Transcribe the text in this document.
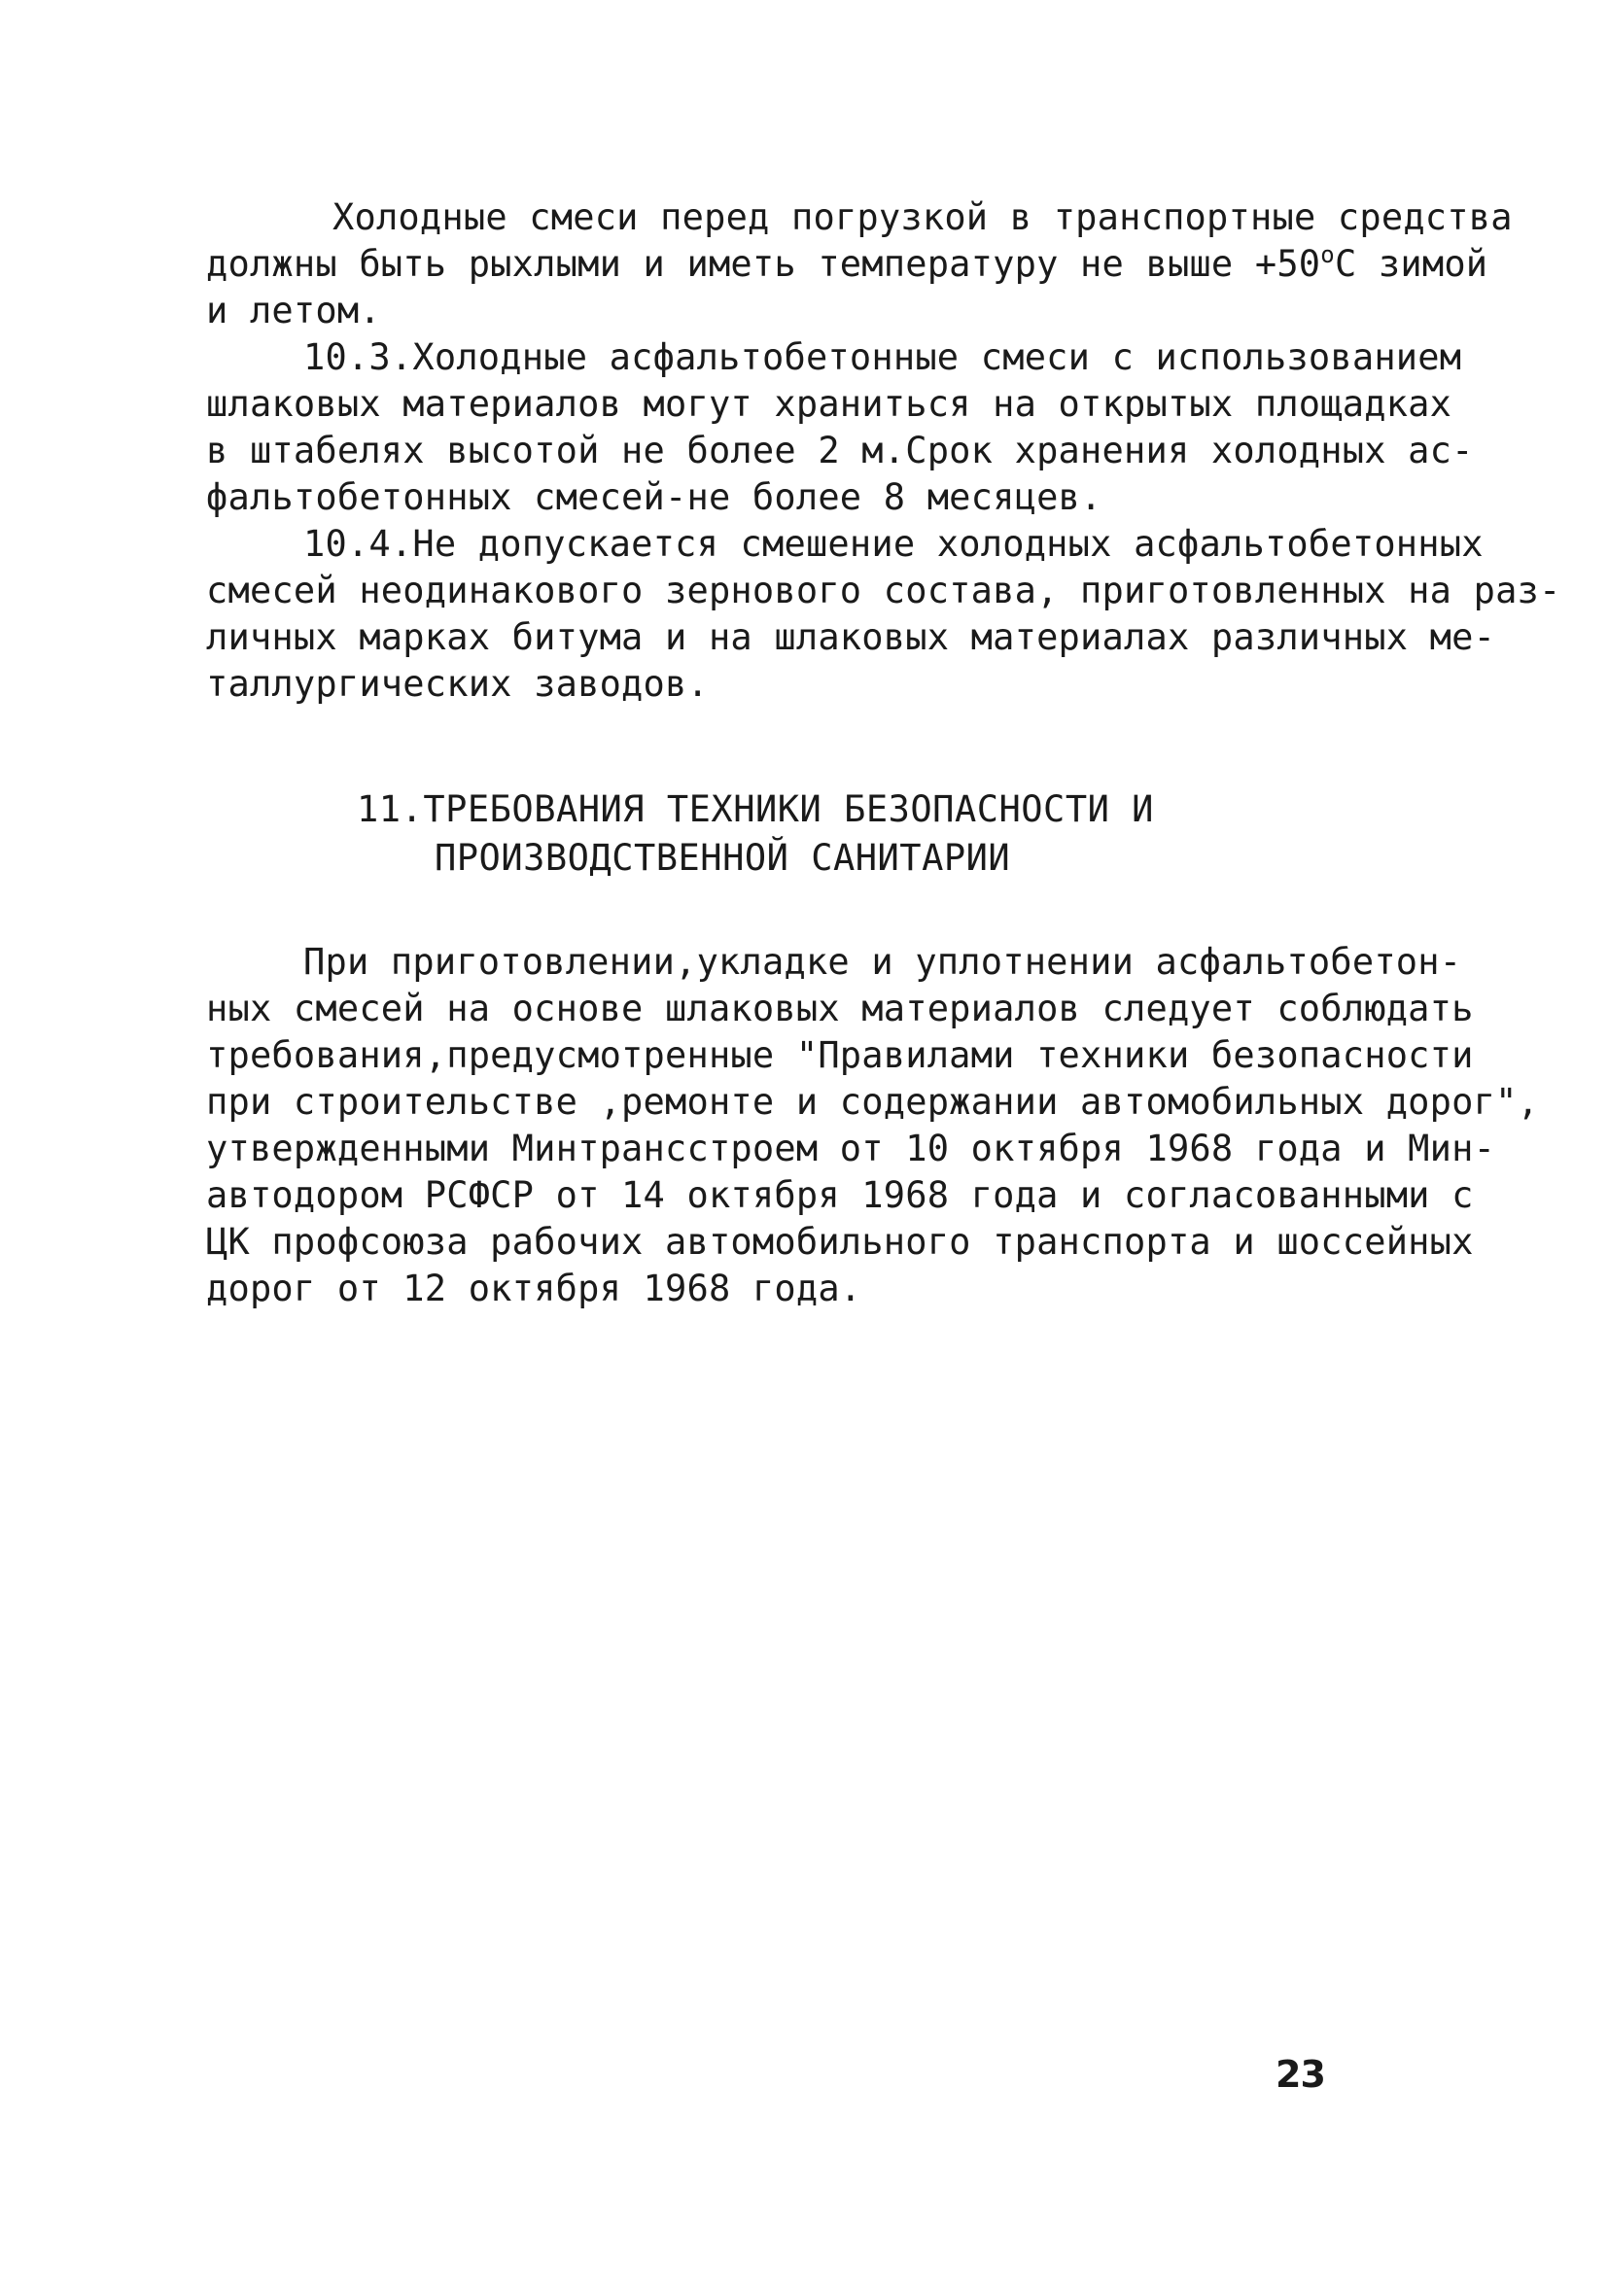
Холодные смеси перед погрузкой в транспортные средства
должны быть рыхлыми и иметь температуру не выше $+50^оС$ зимой
и летом.
10.3.Холодные асфальтобетонные смеси с использованием
шлаковых материалов могут храниться на открытых площадках
в штабелях высотой не более 2 м.Срок хранения холодных ас-
фальтобетонных смесей-не более 8 месяцев.
10.4.Не допускается смешение холодных асфальтобетонных
смесей неодинакового зернового состава, приготовленных на раз-
личных марках битума и на шлаковых материалах различных ме-
таллургических заводов.
11.ТРЕБОВАНИЯ ТЕХНИКИ БЕЗОПАСНОСТИ И
ПРОИЗВОДСТВЕННОЙ САНИТАРИИ
При приготовлении,укладке и уплотнении асфальтобетон-
ных смесей на основе шлаковых материалов следует соблюдать
требования,предусмотренные "Правилами техники безопасности
при строительстве ,ремонте и содержании автомобильных дорог",
утвержденными Минтрансстроем от 10 октября 1968 года и Мин-
автодором РСФСР от 14 октября 1968 года и согласованными с
ЦК профсоюза рабочих автомобильного транспорта и шоссейных
дорог от 12 октября 1968 года.
23
